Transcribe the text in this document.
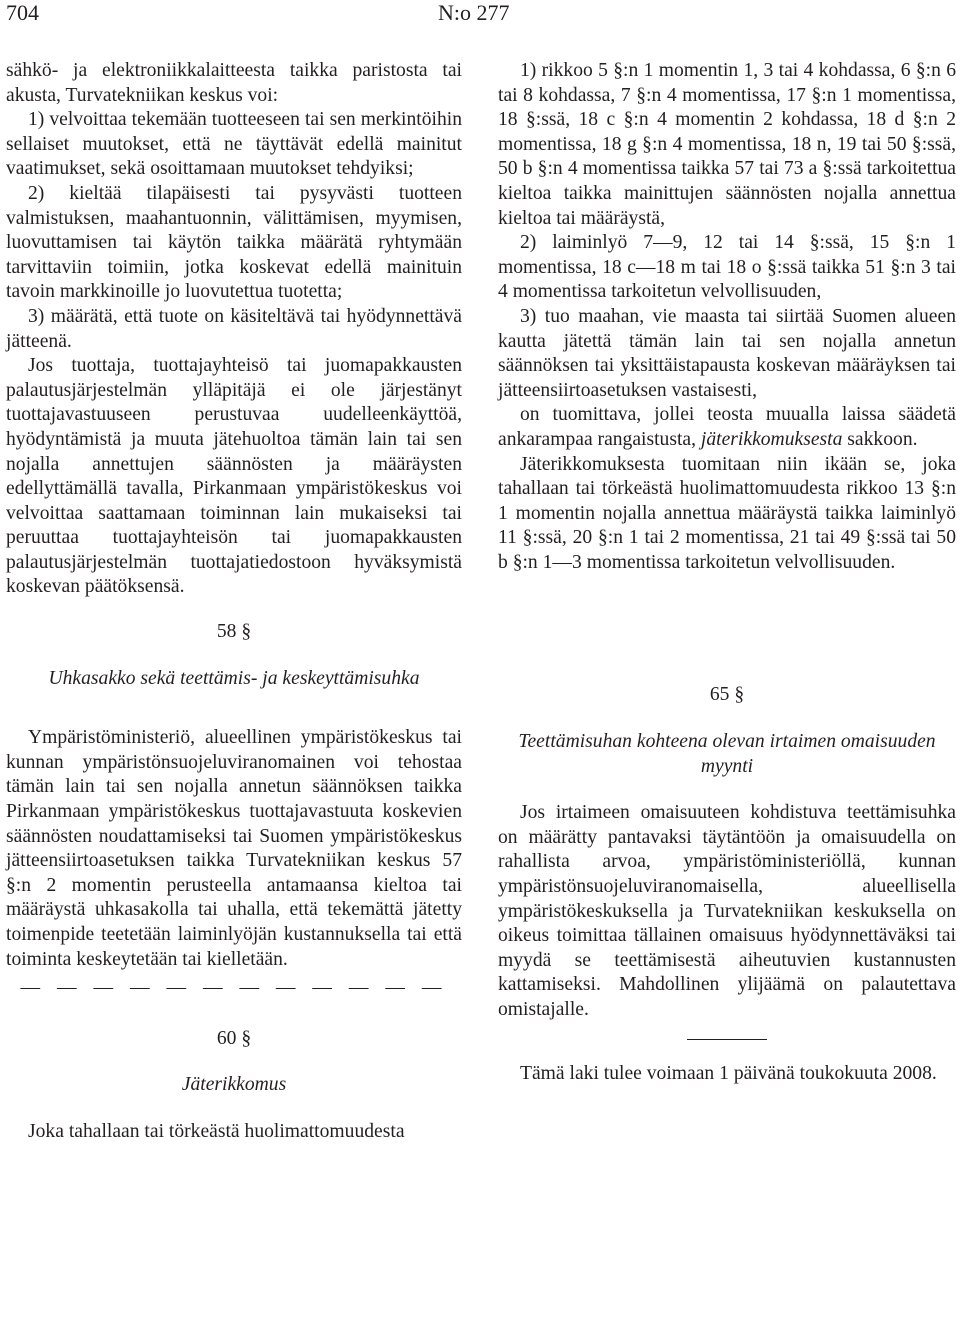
704	N:o 277

sähkö- ja elektroniikkalaitteesta taikka paristosta tai akusta, Turvatekniikan keskus voi:

1) velvoittaa tekemään tuotteeseen tai sen merkintöihin sellaiset muutokset, että ne täyttävät edellä mainitut vaatimukset, sekä osoittamaan muutokset tehdyiksi;

2) kieltää tilapäisesti tai pysyvästi tuotteen valmistuksen, maahantuonnin, välittämisen, myymisen, luovuttamisen tai käytön taikka määrätä ryhtymään tarvittaviin toimiin, jotka koskevat edellä mainituin tavoin markkinoille jo luovutettua tuotetta;

3) määrätä, että tuote on käsiteltävä tai hyödynnettävä jätteenä.

Jos tuottaja, tuottajayhteisö tai juomapakkausten palautusjärjestelmän ylläpitäjä ei ole järjestänyt tuottajavastuuseen perustuvaa uudelleenkäyttöä, hyödyntämistä ja muuta jätehuoltoa tämän lain tai sen nojalla annettujen säännösten ja määräysten edellyttämällä tavalla, Pirkanmaan ympäristökeskus voi velvoittaa saattamaan toiminnan lain mukaiseksi tai peruuttaa tuottajayhteisön tai juomapakkausten palautusjärjestelmän tuottajatiedostoon hyväksymistä koskevan päätöksensä.

58 §
Uhkasakko sekä teettämis- ja keskeyttämisuhka

Ympäristöministeriö, alueellinen ympäristökeskus tai kunnan ympäristönsuojeluviranomainen voi tehostaa tämän lain tai sen nojalla annetun säännöksen taikka Pirkanmaan ympäristökeskus tuottajavastuuta koskevien säännösten noudattamiseksi tai Suomen ympäristökeskus jätteensiirtoasetuksen taikka Turvatekniikan keskus 57 §:n 2 momentin perusteella antamaansa kieltoa tai määräystä uhkasakolla tai uhalla, että tekemättä jätetty toimenpide teetetään laiminlyöjän kustannuksella tai että toiminta keskeytetään tai kielletään.

— — — — — — — — — — — —
60 §
Jäterikkomus

Joka tahallaan tai törkeästä huolimattomuudesta

1) rikkoo 5 §:n 1 momentin 1, 3 tai 4 kohdassa, 6 §:n 6 tai 8 kohdassa, 7 §:n 4 momentissa, 17 §:n 1 momentissa, 18 §:ssä, 18 c §:n 4 momentin 2 kohdassa, 18 d §:n 2 momentissa, 18 g §:n 4 momentissa, 18 n, 19 tai 50 §:ssä, 50 b §:n 4 momentissa taikka 57 tai 73 a §:ssä tarkoitettua kieltoa taikka mainittujen säännösten nojalla annettua kieltoa tai määräystä,

2) laiminlyö 7—9, 12 tai 14 §:ssä, 15 §:n 1 momentissa, 18 c—18 m tai 18 o §:ssä taikka 51 §:n 3 tai 4 momentissa tarkoitetun velvollisuuden,

3) tuo maahan, vie maasta tai siirtää Suomen alueen kautta jätettä tämän lain tai sen nojalla annetun säännöksen tai yksittäistapausta koskevan määräyksen tai jätteensiirtoasetuksen vastaisesti,

on tuomittava, jollei teosta muualla laissa säädetä ankarampaa rangaistusta, jäterikkomuksesta sakkoon.

Jäterikkomuksesta tuomitaan niin ikään se, joka tahallaan tai törkeästä huolimattomuudesta rikkoo 13 §:n 1 momentin nojalla annettua määräystä taikka laiminlyö 11 §:ssä, 20 §:n 1 tai 2 momentissa, 21 tai 49 §:ssä tai 50 b §:n 1—3 momentissa tarkoitetun velvollisuuden.

65 §
Teettämisuhan kohteena olevan irtaimen omaisuuden myynti

Jos irtaimeen omaisuuteen kohdistuva teettämisuhka on määrätty pantavaksi täytäntöön ja omaisuudella on rahallista arvoa, ympäristöministeriöllä, kunnan ympäristönsuojeluviranomaisella, alueellisella ympäristökeskuksella ja Turvatekniikan keskuksella on oikeus toimittaa tällainen omaisuus hyödynnettäväksi tai myydä se teettämisestä aiheutuvien kustannusten kattamiseksi. Mahdollinen ylijäämä on palautettava omistajalle.

Tämä laki tulee voimaan 1 päivänä toukokuuta 2008.
